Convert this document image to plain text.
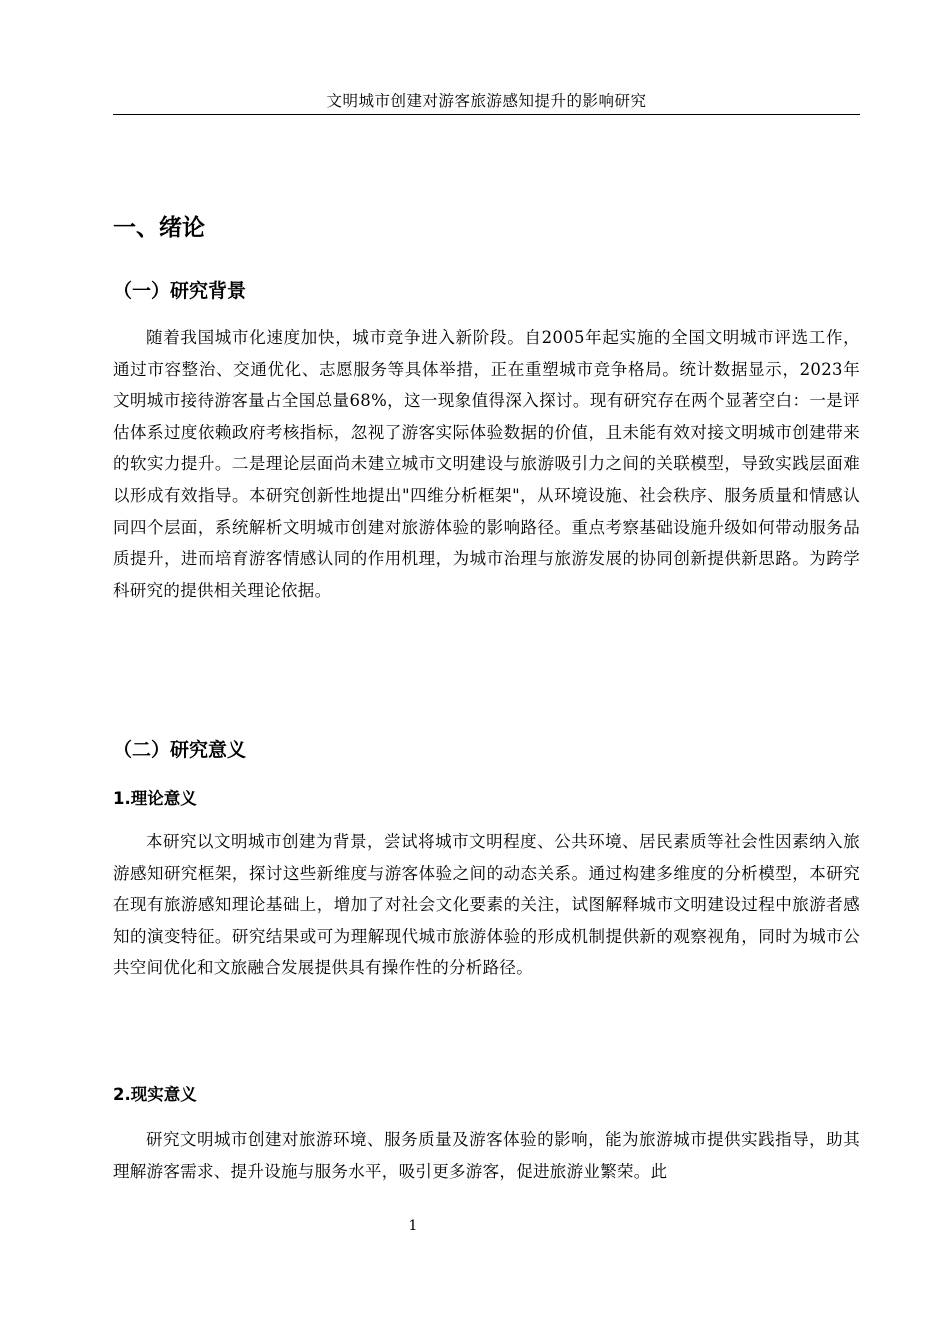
文明城市创建对游客旅游感知提升的影响研究
一、绪论
（一）研究背景

随着我国城市化速度加快，城市竞争进入新阶段。自2005年起实施的全国文明城市评选工作，通过市容整治、交通优化、志愿服务等具体举措，正在重塑城市竞争格局。统计数据显示，2023年文明城市接待游客量占全国总量68%，这一现象值得深入探讨。现有研究存在两个显著空白：一是评估体系过度依赖政府考核指标，忽视了游客实际体验数据的价值，且未能有效对接文明城市创建带来的软实力提升。二是理论层面尚未建立城市文明建设与旅游吸引力之间的关联模型，导致实践层面难以形成有效指导。本研究创新性地提出"四维分析框架"，从环境设施、社会秩序、服务质量和情感认同四个层面，系统解析文明城市创建对旅游体验的影响路径。重点考察基础设施升级如何带动服务品质提升，进而培育游客情感认同的作用机理，为城市治理与旅游发展的协同创新提供新思路。为跨学科研究的提供相关理论依据。

（二）研究意义
1.理论意义

本研究以文明城市创建为背景，尝试将城市文明程度、公共环境、居民素质等社会性因素纳入旅游感知研究框架，探讨这些新维度与游客体验之间的动态关系。通过构建多维度的分析模型，本研究在现有旅游感知理论基础上，增加了对社会文化要素的关注，试图解释城市文明建设过程中旅游者感知的演变特征。研究结果或可为理解现代城市旅游体验的形成机制提供新的观察视角，同时为城市公共空间优化和文旅融合发展提供具有操作性的分析路径。

2.现实意义

研究文明城市创建对旅游环境、服务质量及游客体验的影响，能为旅游城市提供实践指导，助其理解游客需求、提升设施与服务水平，吸引更多游客，促进旅游业繁荣。此

1
